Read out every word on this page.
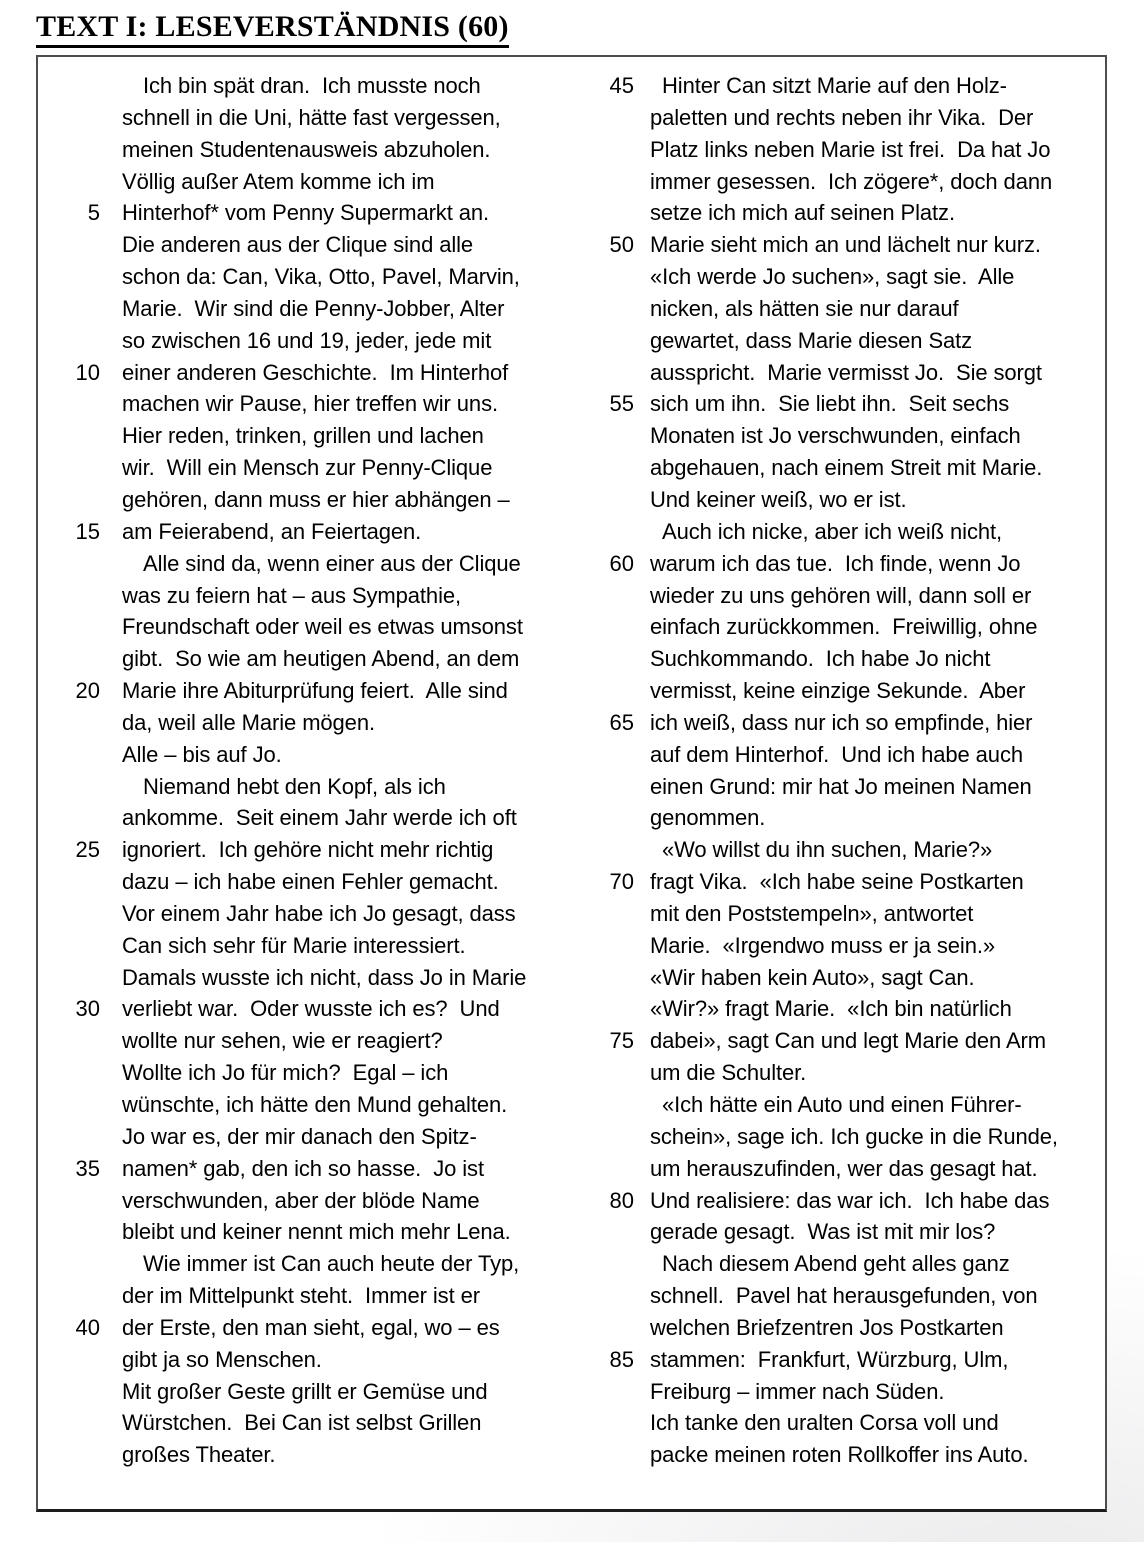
TEXT I: LESEVERSTÄNDNIS (60)
Ich bin spät dran.  Ich musste noch
schnell in die Uni, hätte fast vergessen,
meinen Studentenausweis abzuholen.
Völlig außer Atem komme ich im
5	Hinterhof* vom Penny Supermarkt an.
Die anderen aus der Clique sind alle
schon da: Can, Vika, Otto, Pavel, Marvin,
Marie.  Wir sind die Penny-Jobber, Alter
so zwischen 16 und 19, jeder, jede mit
10	einer anderen Geschichte.  Im Hinterhof
machen wir Pause, hier treffen wir uns.
Hier reden, trinken, grillen und lachen
wir.  Will ein Mensch zur Penny-Clique
gehören, dann muss er hier abhängen –
15	am Feierabend, an Feiertagen.
Alle sind da, wenn einer aus der Clique
was zu feiern hat – aus Sympathie,
Freundschaft oder weil es etwas umsonst
gibt.  So wie am heutigen Abend, an dem
20	Marie ihre Abiturprüfung feiert.  Alle sind
da, weil alle Marie mögen.
Alle – bis auf Jo.
Niemand hebt den Kopf, als ich
ankomme.  Seit einem Jahr werde ich oft
25	ignoriert.  Ich gehöre nicht mehr richtig
dazu – ich habe einen Fehler gemacht.
Vor einem Jahr habe ich Jo gesagt, dass
Can sich sehr für Marie interessiert.
Damals wusste ich nicht, dass Jo in Marie
30	verliebt war.  Oder wusste ich es?  Und
wollte nur sehen, wie er reagiert?
Wollte ich Jo für mich?  Egal – ich
wünschte, ich hätte den Mund gehalten.
Jo war es, der mir danach den Spitz-
35	namen* gab, den ich so hasse.  Jo ist
verschwunden, aber der blöde Name
bleibt und keiner nennt mich mehr Lena.
Wie immer ist Can auch heute der Typ,
der im Mittelpunkt steht.  Immer ist er
40	der Erste, den man sieht, egal, wo – es
gibt ja so Menschen.
Mit großer Geste grillt er Gemüse und
Würstchen.  Bei Can ist selbst Grillen
großes Theater.
45	Hinter Can sitzt Marie auf den Holz-
paletten und rechts neben ihr Vika.  Der
Platz links neben Marie ist frei.  Da hat Jo
immer gesessen.  Ich zögere*, doch dann
setze ich mich auf seinen Platz.
50 Marie sieht mich an und lächelt nur kurz.
«Ich werde Jo suchen», sagt sie.  Alle
nicken, als hätten sie nur darauf
gewartet, dass Marie diesen Satz
ausspricht.  Marie vermisst Jo.  Sie sorgt
55 sich um ihn.  Sie liebt ihn.  Seit sechs
Monaten ist Jo verschwunden, einfach
abgehauen, nach einem Streit mit Marie.
Und keiner weiß, wo er ist.
Auch ich nicke, aber ich weiß nicht,
60 warum ich das tue.  Ich finde, wenn Jo
wieder zu uns gehören will, dann soll er
einfach zurückkommen.  Freiwillig, ohne
Suchkommando.  Ich habe Jo nicht
vermisst, keine einzige Sekunde.  Aber
65 ich weiß, dass nur ich so empfinde, hier
auf dem Hinterhof.  Und ich habe auch
einen Grund: mir hat Jo meinen Namen
genommen.
«Wo willst du ihn suchen, Marie?»
70 fragt Vika.  «Ich habe seine Postkarten
mit den Poststempeln», antwortet
Marie.  «Irgendwo muss er ja sein.»
«Wir haben kein Auto», sagt Can.
«Wir?» fragt Marie.  «Ich bin natürlich
75 dabei», sagt Can und legt Marie den Arm
um die Schulter.
«Ich hätte ein Auto und einen Führer-
schein», sage ich. Ich gucke in die Runde,
um herauszufinden, wer das gesagt hat.
80 Und realisiere: das war ich.  Ich habe das
gerade gesagt.  Was ist mit mir los?
Nach diesem Abend geht alles ganz
schnell.  Pavel hat herausgefunden, von
welchen Briefzentren Jos Postkarten
85 stammen:  Frankfurt, Würzburg, Ulm,
Freiburg – immer nach Süden.
Ich tanke den uralten Corsa voll und
packe meinen roten Rollkoffer ins Auto.
